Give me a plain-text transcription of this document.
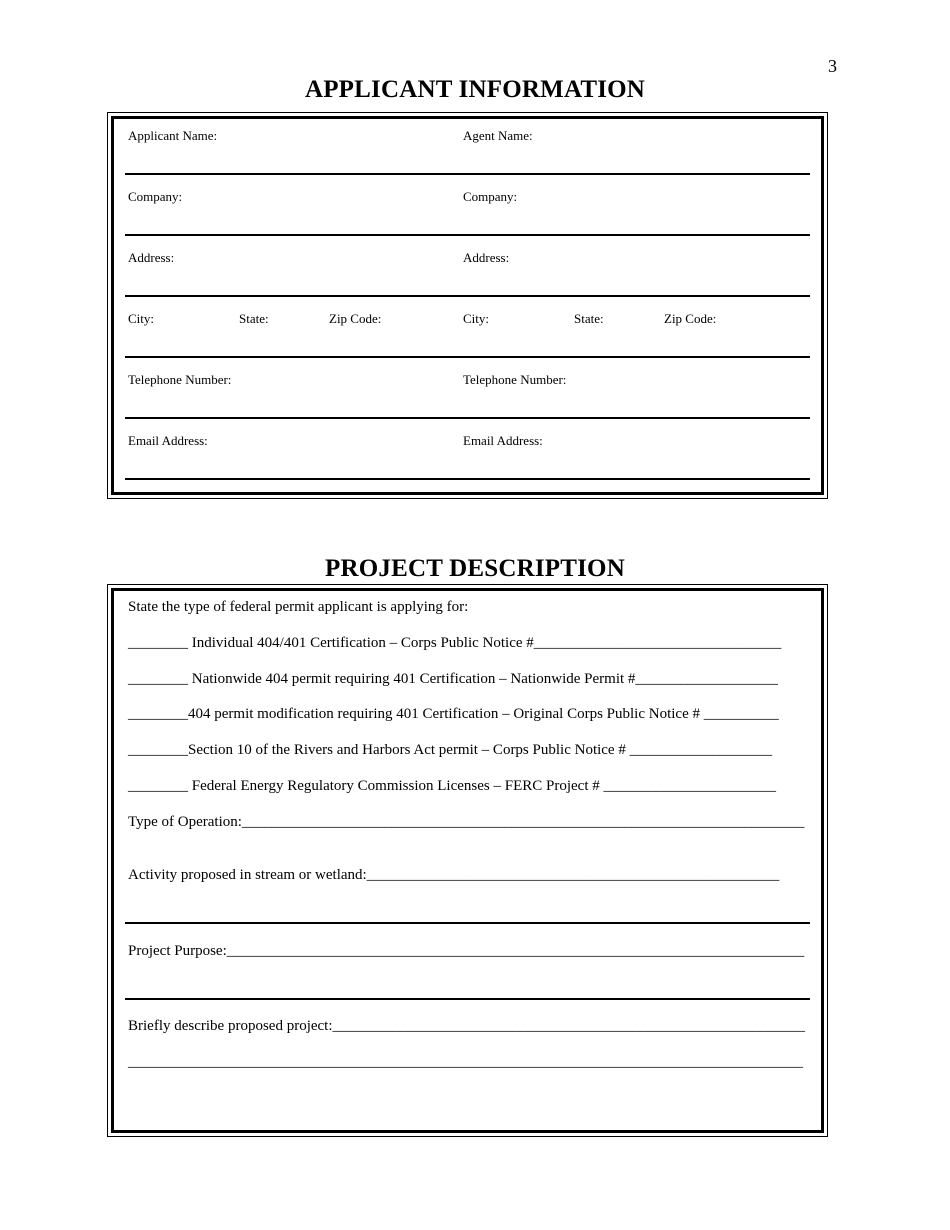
3
APPLICANT INFORMATION
Applicant Name:	Agent Name:
Company:	Company:
Address:	Address:
City:	State:	Zip Code:	City:	State:	Zip Code:
Telephone Number:	Telephone Number:
Email Address:	Email Address:
PROJECT DESCRIPTION
State the type of federal permit applicant is applying for:
________ Individual 404/401 Certification – Corps Public Notice #_________________________________
________ Nationwide 404 permit requiring 401 Certification – Nationwide Permit #___________________
________404 permit modification requiring 401 Certification – Original Corps Public Notice # __________
________Section 10 of the Rivers and Harbors Act permit – Corps Public Notice # ___________________
________ Federal Energy Regulatory Commission Licenses – FERC Project # _______________________
Type of Operation:___________________________________________________________________________
Activity proposed in stream or wetland:_______________________________________________________
Project Purpose:_____________________________________________________________________________
Briefly describe proposed project:_______________________________________________________________
__________________________________________________________________________________________
